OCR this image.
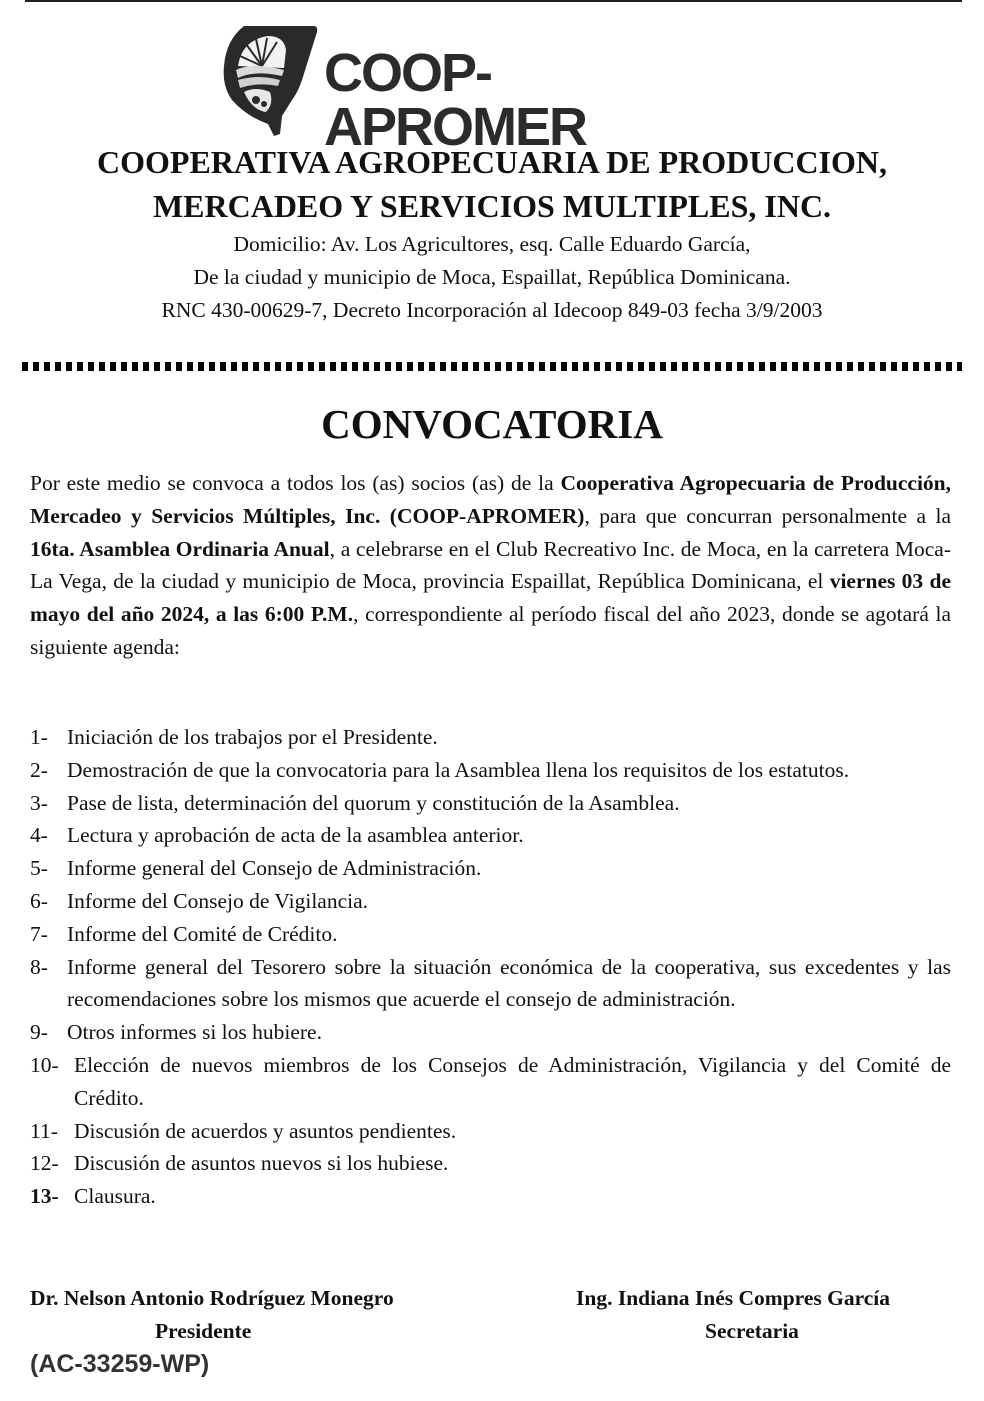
COOP-APROMER
COOPERATIVA AGROPECUARIA DE PRODUCCION,
MERCADEO Y SERVICIOS MULTIPLES, INC.
Domicilio: Av. Los Agricultores, esq. Calle Eduardo García,
De la ciudad y municipio de Moca, Espaillat, República Dominicana.
RNC 430-00629-7, Decreto Incorporación al Idecoop 849-03 fecha 3/9/2003
CONVOCATORIA
Por este medio se convoca a todos los (as) socios (as) de la Cooperativa Agropecuaria de Producción, Mercadeo y Servicios Múltiples, Inc. (COOP-APROMER), para que concurran personalmente a la 16ta. Asamblea Ordinaria Anual, a celebrarse en el Club Recreativo Inc. de Moca, en la carretera Moca- La Vega, de la ciudad y municipio de Moca, provincia Espaillat, República Dominicana, el viernes 03 de mayo del año 2024, a las 6:00 P.M., correspondiente al período fiscal del año 2023, donde se agotará la siguiente agenda:
1- Iniciación de los trabajos por el Presidente.
2- Demostración de que la convocatoria para la Asamblea llena los requisitos de los estatutos.
3- Pase de lista, determinación del quorum y constitución de la Asamblea.
4- Lectura y aprobación de acta de la asamblea anterior.
5- Informe general del Consejo de Administración.
6- Informe del Consejo de Vigilancia.
7- Informe del Comité de Crédito.
8- Informe general del Tesorero sobre la situación económica de la cooperativa, sus excedentes y las recomendaciones sobre los mismos que acuerde el consejo de administración.
9- Otros informes si los hubiere.
10- Elección de nuevos miembros de los Consejos de Administración, Vigilancia y del Comité de Crédito.
11- Discusión de acuerdos y asuntos pendientes.
12- Discusión de asuntos nuevos si los hubiese.
13- Clausura.
Dr. Nelson Antonio Rodríguez Monegro
Presidente
Ing. Indiana Inés Compres García
Secretaria
(AC-33259-WP)
